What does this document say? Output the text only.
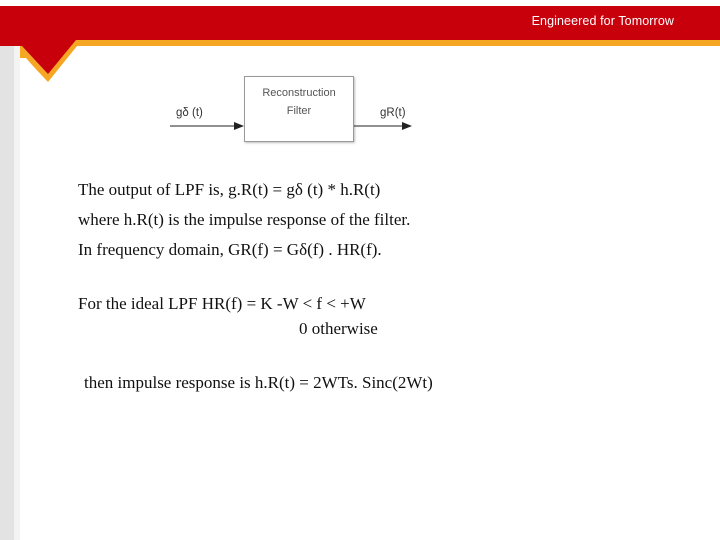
Engineered for Tomorrow
Reconstruction
Filter
gδ (t)	gR(t)
The output of LPF is, g.R(t) = gδ (t) * h.R(t)
where h.R(t) is the impulse response of the filter.
In frequency domain, GR(f) = Gδ(f) . HR(f).
For the ideal LPF HR(f) = K -W < f < +W
0 otherwise
then impulse response is h.R(t) = 2WTs. Sinc(2Wt)
